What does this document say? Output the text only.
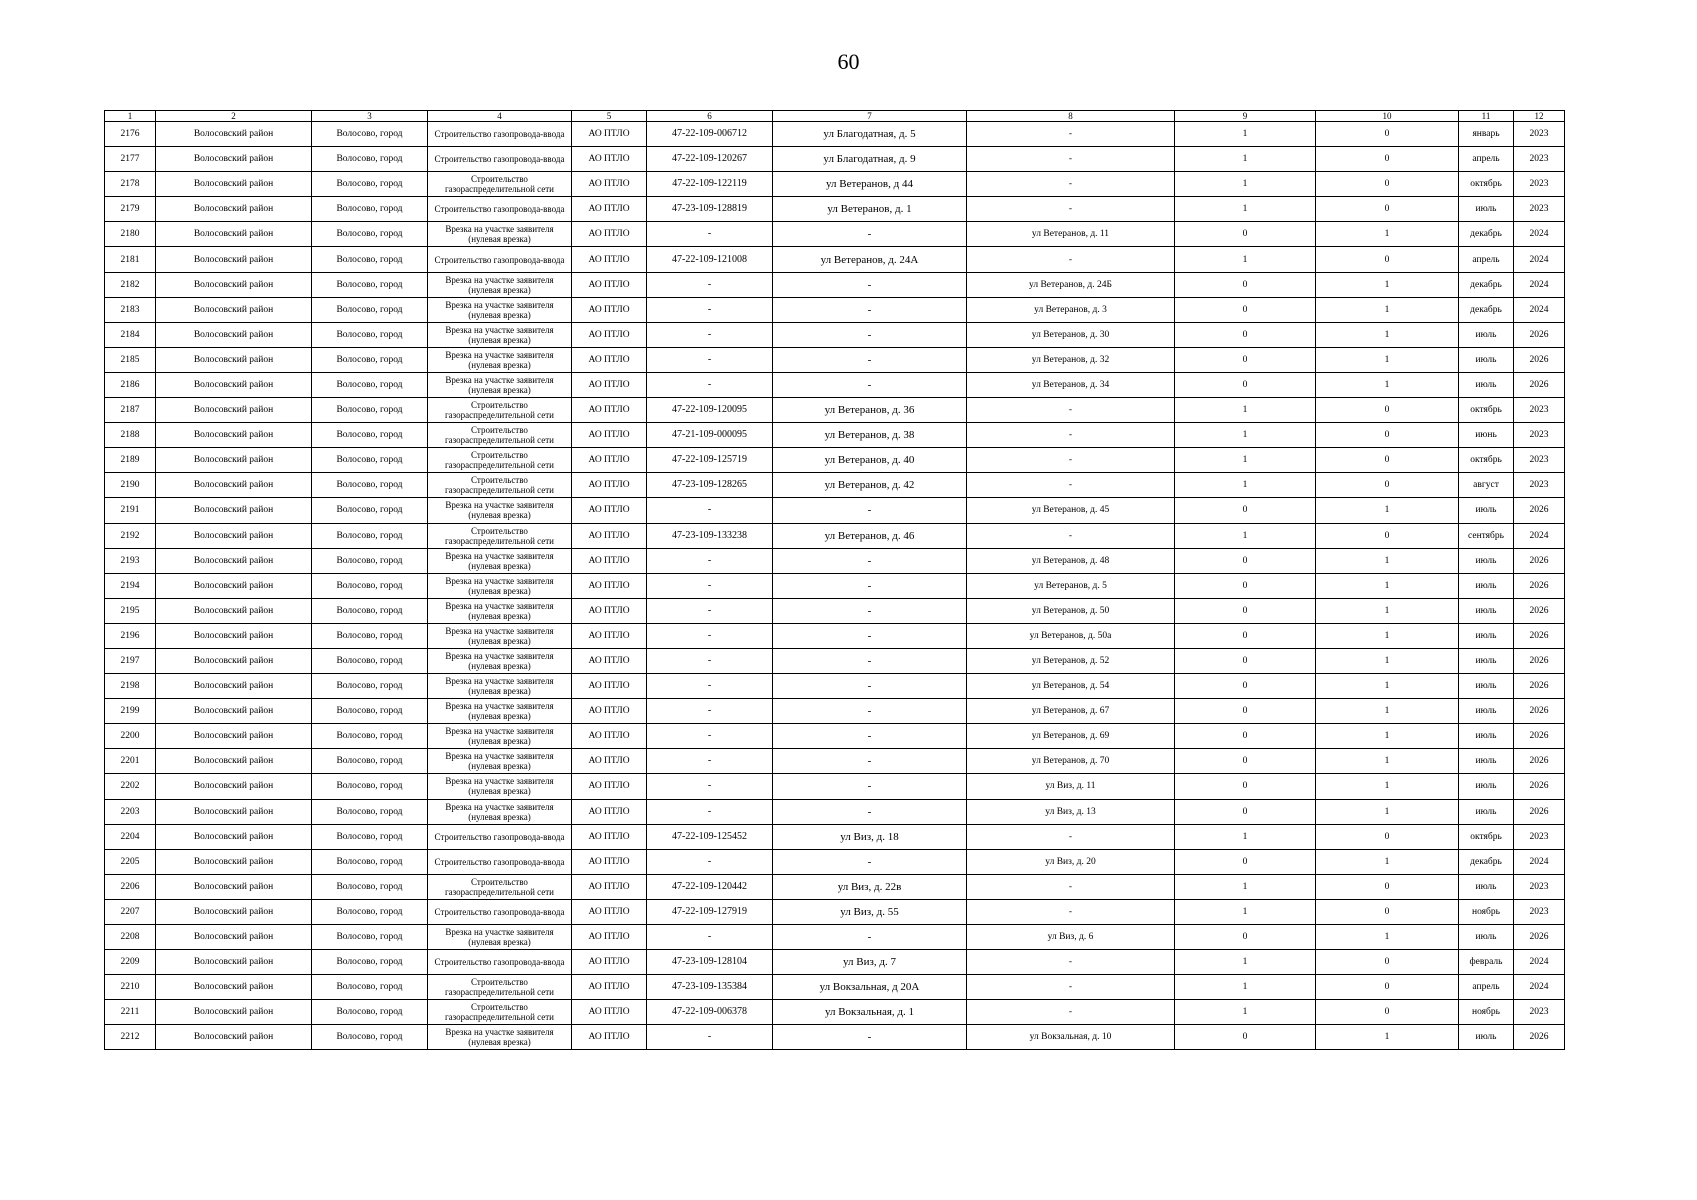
60
1	2	3	4	5	6	7	8	9	10	11	12
2176	Волосовский район	Волосово, город	Строительство газопровода-ввода	АО ПТЛО	47-22-109-006712	ул Благодатная, д. 5	-	1	0	январь	2023
2177	Волосовский район	Волосово, город	Строительство газопровода-ввода	АО ПТЛО	47-22-109-120267	ул Благодатная, д. 9	-	1	0	апрель	2023
2178	Волосовский район	Волосово, город	Строительство газораспределительной сети	АО ПТЛО	47-22-109-122119	ул Ветеранов, д 44	-	1	0	октябрь	2023
2179	Волосовский район	Волосово, город	Строительство газопровода-ввода	АО ПТЛО	47-23-109-128819	ул Ветеранов, д. 1	-	1	0	июль	2023
2180	Волосовский район	Волосово, город	Врезка на участке заявителя (нулевая врезка)	АО ПТЛО	-	-	ул Ветеранов, д. 11	0	1	декабрь	2024
2181	Волосовский район	Волосово, город	Строительство газопровода-ввода	АО ПТЛО	47-22-109-121008	ул Ветеранов, д. 24А	-	1	0	апрель	2024
2182	Волосовский район	Волосово, город	Врезка на участке заявителя (нулевая врезка)	АО ПТЛО	-	-	ул Ветеранов, д. 24Б	0	1	декабрь	2024
2183	Волосовский район	Волосово, город	Врезка на участке заявителя (нулевая врезка)	АО ПТЛО	-	-	ул Ветеранов, д. 3	0	1	декабрь	2024
2184	Волосовский район	Волосово, город	Врезка на участке заявителя (нулевая врезка)	АО ПТЛО	-	-	ул Ветеранов, д. 30	0	1	июль	2026
2185	Волосовский район	Волосово, город	Врезка на участке заявителя (нулевая врезка)	АО ПТЛО	-	-	ул Ветеранов, д. 32	0	1	июль	2026
2186	Волосовский район	Волосово, город	Врезка на участке заявителя (нулевая врезка)	АО ПТЛО	-	-	ул Ветеранов, д. 34	0	1	июль	2026
2187	Волосовский район	Волосово, город	Строительство газораспределительной сети	АО ПТЛО	47-22-109-120095	ул Ветеранов, д. 36	-	1	0	октябрь	2023
2188	Волосовский район	Волосово, город	Строительство газораспределительной сети	АО ПТЛО	47-21-109-000095	ул Ветеранов, д. 38	-	1	0	июнь	2023
2189	Волосовский район	Волосово, город	Строительство газораспределительной сети	АО ПТЛО	47-22-109-125719	ул Ветеранов, д. 40	-	1	0	октябрь	2023
2190	Волосовский район	Волосово, город	Строительство газораспределительной сети	АО ПТЛО	47-23-109-128265	ул Ветеранов, д. 42	-	1	0	август	2023
2191	Волосовский район	Волосово, город	Врезка на участке заявителя (нулевая врезка)	АО ПТЛО	-	-	ул Ветеранов, д. 45	0	1	июль	2026
2192	Волосовский район	Волосово, город	Строительство газораспределительной сети	АО ПТЛО	47-23-109-133238	ул Ветеранов, д. 46	-	1	0	сентябрь	2024
2193	Волосовский район	Волосово, город	Врезка на участке заявителя (нулевая врезка)	АО ПТЛО	-	-	ул Ветеранов, д. 48	0	1	июль	2026
2194	Волосовский район	Волосово, город	Врезка на участке заявителя (нулевая врезка)	АО ПТЛО	-	-	ул Ветеранов, д. 5	0	1	июль	2026
2195	Волосовский район	Волосово, город	Врезка на участке заявителя (нулевая врезка)	АО ПТЛО	-	-	ул Ветеранов, д. 50	0	1	июль	2026
2196	Волосовский район	Волосово, город	Врезка на участке заявителя (нулевая врезка)	АО ПТЛО	-	-	ул Ветеранов, д. 50а	0	1	июль	2026
2197	Волосовский район	Волосово, город	Врезка на участке заявителя (нулевая врезка)	АО ПТЛО	-	-	ул Ветеранов, д. 52	0	1	июль	2026
2198	Волосовский район	Волосово, город	Врезка на участке заявителя (нулевая врезка)	АО ПТЛО	-	-	ул Ветеранов, д. 54	0	1	июль	2026
2199	Волосовский район	Волосово, город	Врезка на участке заявителя (нулевая врезка)	АО ПТЛО	-	-	ул Ветеранов, д. 67	0	1	июль	2026
2200	Волосовский район	Волосово, город	Врезка на участке заявителя (нулевая врезка)	АО ПТЛО	-	-	ул Ветеранов, д. 69	0	1	июль	2026
2201	Волосовский район	Волосово, город	Врезка на участке заявителя (нулевая врезка)	АО ПТЛО	-	-	ул Ветеранов, д. 70	0	1	июль	2026
2202	Волосовский район	Волосово, город	Врезка на участке заявителя (нулевая врезка)	АО ПТЛО	-	-	ул Виз, д. 11	0	1	июль	2026
2203	Волосовский район	Волосово, город	Врезка на участке заявителя (нулевая врезка)	АО ПТЛО	-	-	ул Виз, д. 13	0	1	июль	2026
2204	Волосовский район	Волосово, город	Строительство газопровода-ввода	АО ПТЛО	47-22-109-125452	ул Виз, д. 18	-	1	0	октябрь	2023
2205	Волосовский район	Волосово, город	Строительство газопровода-ввода	АО ПТЛО	-	-	ул Виз, д. 20	0	1	декабрь	2024
2206	Волосовский район	Волосово, город	Строительство газораспределительной сети	АО ПТЛО	47-22-109-120442	ул Виз, д. 22в	-	1	0	июль	2023
2207	Волосовский район	Волосово, город	Строительство газопровода-ввода	АО ПТЛО	47-22-109-127919	ул Виз, д. 55	-	1	0	ноябрь	2023
2208	Волосовский район	Волосово, город	Врезка на участке заявителя (нулевая врезка)	АО ПТЛО	-	-	ул Виз, д. 6	0	1	июль	2026
2209	Волосовский район	Волосово, город	Строительство газопровода-ввода	АО ПТЛО	47-23-109-128104	ул Виз, д. 7	-	1	0	февраль	2024
2210	Волосовский район	Волосово, город	Строительство газораспределительной сети	АО ПТЛО	47-23-109-135384	ул Вокзальная, д 20А	-	1	0	апрель	2024
2211	Волосовский район	Волосово, город	Строительство газораспределительной сети	АО ПТЛО	47-22-109-006378	ул Вокзальная, д. 1	-	1	0	ноябрь	2023
2212	Волосовский район	Волосово, город	Врезка на участке заявителя (нулевая врезка)	АО ПТЛО	-	-	ул Вокзальная, д. 10	0	1	июль	2026
